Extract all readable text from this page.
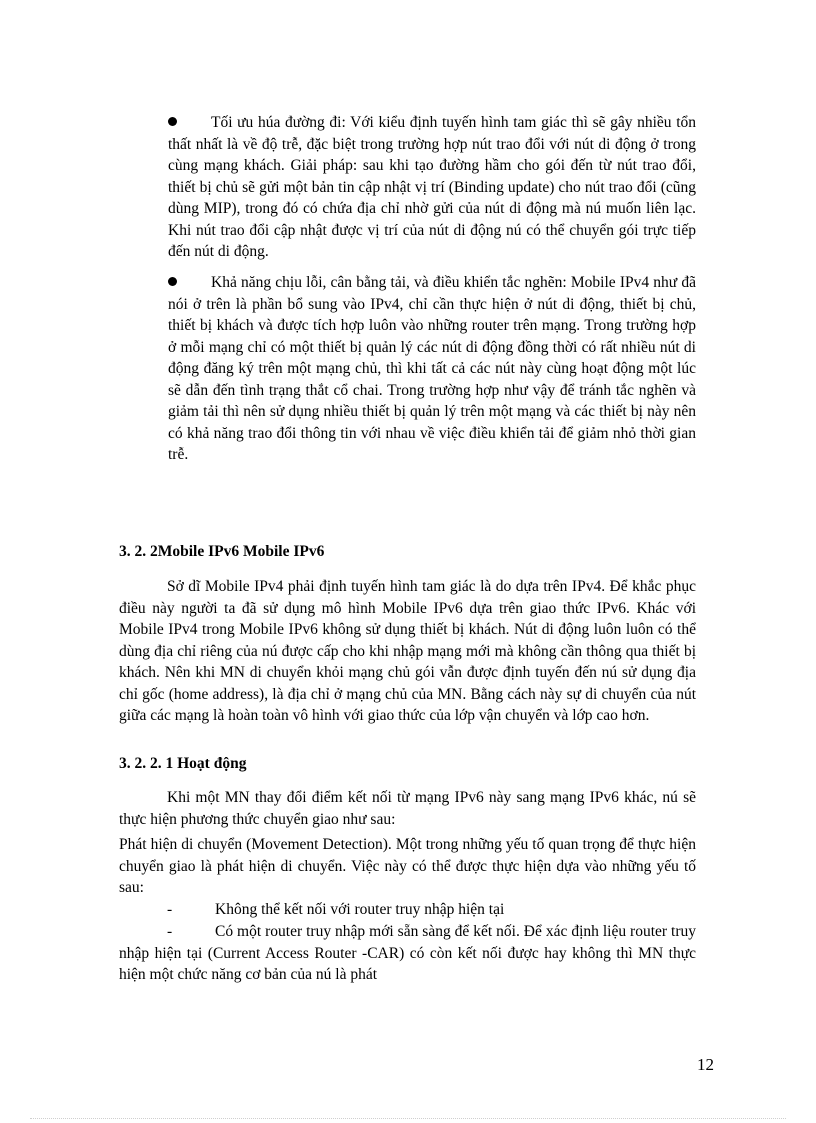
Tối ưu húa đường đi: Với kiểu định tuyến hình tam giác thì sẽ gây nhiều tổn thất nhất là về độ trễ, đặc biệt trong trường hợp nút trao đổi với nút di động ở trong cùng mạng khách. Giải pháp: sau khi tạo đường hầm cho gói đến từ nút trao đổi, thiết bị chủ sẽ gửi một bản tin cập nhật vị trí (Binding update) cho nút trao đổi (cũng dùng MIP), trong đó có chứa địa chỉ nhờ gửi của nút di động mà nú muốn liên lạc. Khi nút trao đổi cập nhật được vị trí của nút di động nú có thể chuyển gói trực tiếp đến nút di động.
Khả năng chịu lỗi, cân bằng tải, và điều khiển tắc nghẽn: Mobile IPv4 như đã nói ở trên là phần bổ sung vào IPv4, chỉ cần thực hiện ở nút di động, thiết bị chủ, thiết bị khách và được tích hợp luôn vào những router trên mạng. Trong trường hợp ở mỗi mạng chỉ có một thiết bị quản lý các nút di động đồng thời có rất nhiều nút di động đăng ký trên một mạng chủ, thì khi tất cả các nút này cùng hoạt động một lúc sẽ dẫn đến tình trạng thắt cổ chai. Trong trường hợp như vậy để tránh tắc nghẽn và giảm tải thì nên sử dụng nhiều thiết bị quản lý trên một mạng và các thiết bị này nên có khả năng trao đổi thông tin với nhau về việc điều khiển tải để giảm nhỏ thời gian trễ.
3. 2. 2Mobile IPv6 Mobile IPv6
Sở dĩ Mobile IPv4 phải định tuyến hình tam giác là do dựa trên IPv4. Để khắc phục điều này người ta đã sử dụng mô hình Mobile IPv6 dựa trên giao thức IPv6. Khác với Mobile IPv4 trong Mobile IPv6 không sử dụng thiết bị khách. Nút di động luôn luôn có thể dùng địa chỉ riêng của nú được cấp cho khi nhập mạng mới mà không cần thông qua thiết bị khách. Nên khi MN di chuyển khỏi mạng chủ gói vẫn được định tuyến đến nú sử dụng địa chỉ gốc (home address), là địa chỉ ở mạng chủ của MN. Bằng cách này sự di chuyển của nút giữa các mạng là hoàn toàn vô hình với giao thức của lớp vận chuyển và lớp cao hơn.
3. 2. 2. 1 Hoạt động
Khi một MN thay đổi điểm kết nối từ mạng IPv6 này sang mạng IPv6 khác, nú sẽ thực hiện phương thức chuyển giao như sau:
Phát hiện di chuyển (Movement Detection). Một trong những yếu tố quan trọng để thực hiện chuyển giao là phát hiện di chuyển. Việc này có thể được thực hiện dựa vào những yếu tố sau:
-	Không thể kết nối với router truy nhập hiện tại
-	Có một router truy nhập mới sẵn sàng để kết nối. Để xác định liệu router truy nhập hiện tại (Current Access Router -CAR) có còn kết nối được hay không thì MN thực hiện một chức năng cơ bản của nú là phát
12
